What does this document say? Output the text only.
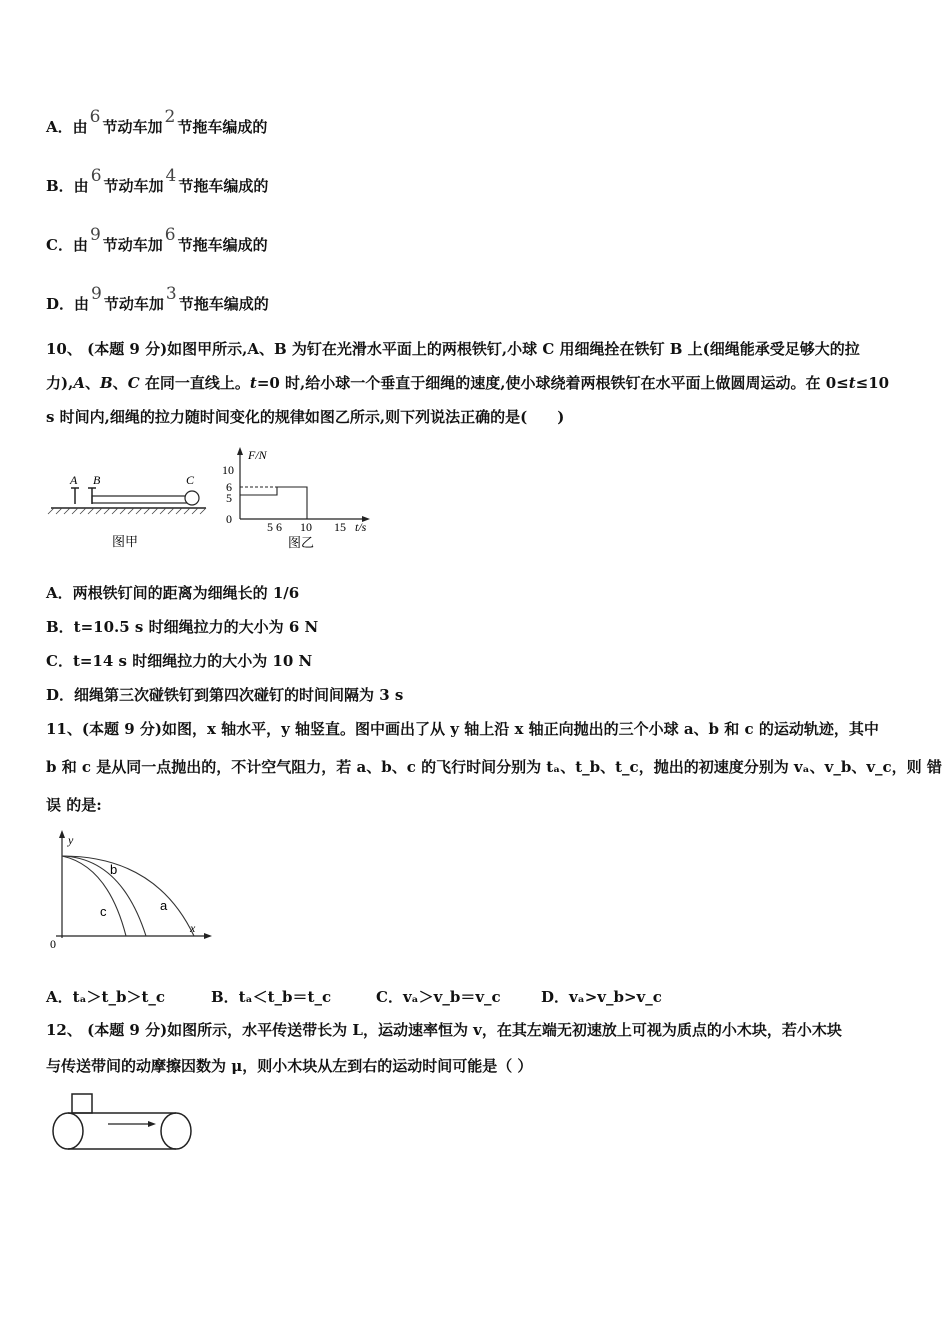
A．由 6 节动车加 2 节拖车编成的
B．由 6 节动车加 4 节拖车编成的
C．由 9 节动车加 6 节拖车编成的
D．由 9 节动车加 3 节拖车编成的
10、 (本题 9 分)如图甲所示,A、B 为钉在光滑水平面上的两根铁钉,小球 C 用细绳拴在铁钉 B 上(细绳能承受足够大的拉
力),A、B、C 在同一直线上。t=0 时,给小球一个垂直于细绳的速度,使小球绕着两根铁钉在水平面上做圆周运动。在 0≤t≤10
s 时间内,细绳的拉力随时间变化的规律如图乙所示,则下列说法正确的是(　　)
A B	C
图甲
F/N
10
6
5
0
5 6 10 15 t/s
图乙
A．两根铁钉间的距离为细绳长的 1/6
B．t=10.5 s 时细绳拉力的大小为 6 N
C．t=14 s 时细绳拉力的大小为 10 N
D．细绳第三次碰铁钉到第四次碰钉的时间间隔为 3 s
11、(本题 9 分)如图，x 轴水平，y 轴竖直。图中画出了从 y 轴上沿 x 轴正向抛出的三个小球 a、b 和 c 的运动轨迹，其中
b 和 c 是从同一点抛出的，不计空气阻力，若 a、b、c 的飞行时间分别为 tₐ、t_b、t_c，抛出的初速度分别为 vₐ、v_b、v_c，则 错
误 的是:
y
x
0
a
b
c
A．tₐ＞t_b＞t_c	B．tₐ＜t_b＝t_c	C．vₐ＞v_b＝v_c	D．vₐ>v_b>v_c
12、 (本题 9 分)如图所示，水平传送带长为 L，运动速率恒为 v，在其左端无初速放上可视为质点的小木块，若小木块
与传送带间的动摩擦因数为 μ，则小木块从左到右的运动时间可能是（ ）
